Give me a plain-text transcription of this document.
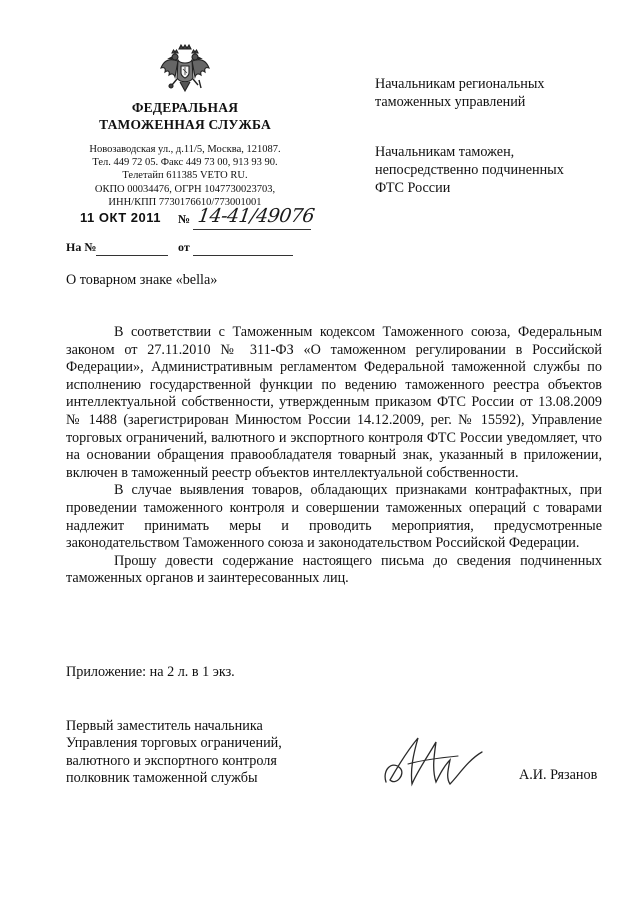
ФЕДЕРАЛЬНАЯ
ТАМОЖЕННАЯ СЛУЖБА
Новозаводская ул., д.11/5, Москва, 121087.
Тел. 449 72 05. Факс 449 73 00, 913 93 90.
Телетайп 611385 VETO RU.
ОКПО 00034476, ОГРН 1047730023703,
ИНН/КПП 7730176610/773001001
11 ОКТ 2011 № 14-41/49076
На №	от
Начальникам региональных
таможенных управлений
Начальникам таможен,
непосредственно подчиненных
ФТС России
О товарном знаке «bella»

В соответствии с Таможенным кодексом Таможенного союза, Федеральным законом от 27.11.2010 № 311-ФЗ «О таможенном регулировании в Российской Федерации», Административным регламентом Федеральной таможенной службы по исполнению государственной функции по ведению таможенного реестра объектов интеллектуальной собственности, утвержденным приказом ФТС России от 13.08.2009 № 1488 (зарегистрирован Минюстом России 14.12.2009, рег. № 15592), Управление торговых ограничений, валютного и экспортного контроля ФТС России уведомляет, что на основании обращения правообладателя товарный знак, указанный в приложении, включен в таможенный реестр объектов интеллектуальной собственности.

В случае выявления товаров, обладающих признаками контрафактных, при проведении таможенного контроля и совершении таможенных операций с товарами надлежит принимать меры и проводить мероприятия, предусмотренные законодательством Таможенного союза и законодательством Российской Федерации.

Прошу довести содержание настоящего письма до сведения подчиненных таможенных органов и заинтересованных лиц.

Приложение: на 2 л. в 1 экз.
Первый заместитель начальника
Управления торговых ограничений,
валютного и экспортного контроля
полковник таможенной службы	А.И. Рязанов
